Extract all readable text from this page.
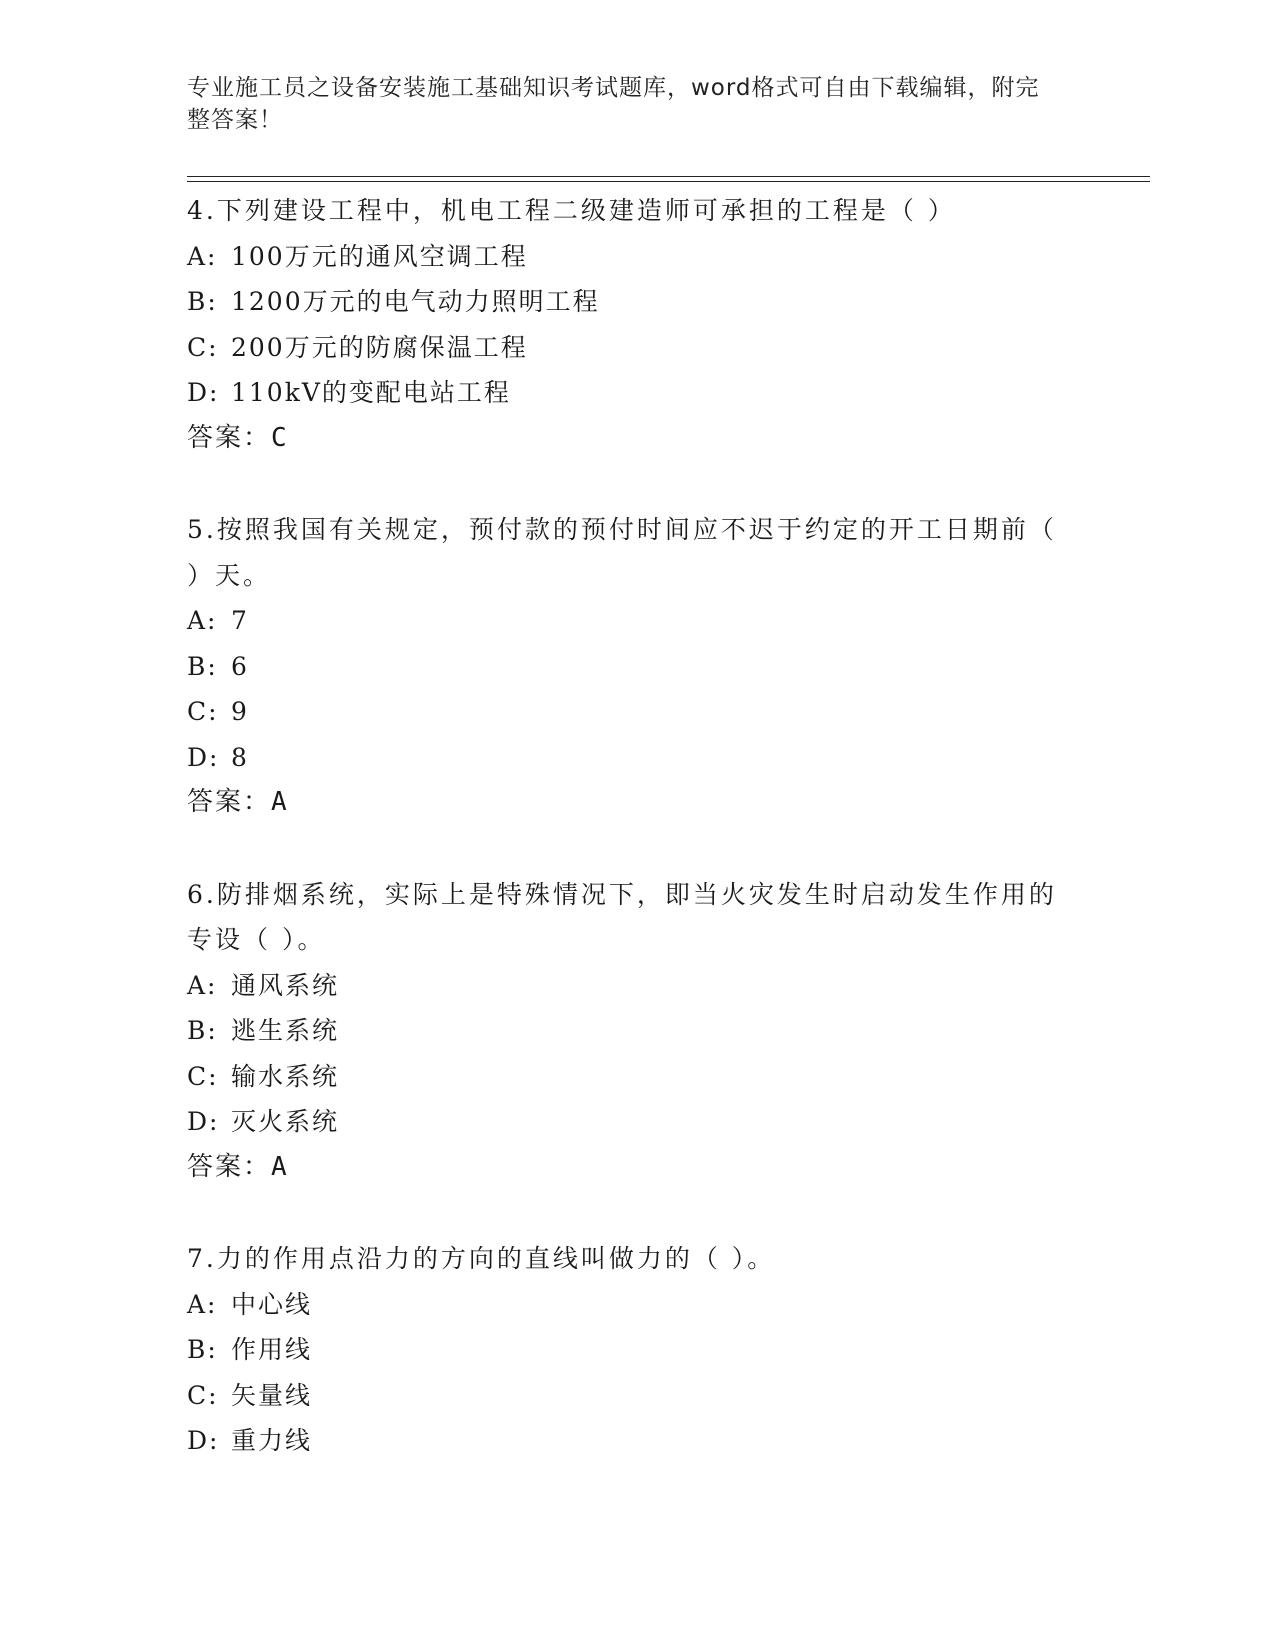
专业施工员之设备安装施工基础知识考试题库，word格式可自由下载编辑，附完
整答案！

4.下列建设工程中，机电工程二级建造师可承担的工程是（ ）

A: 100万元的通风空调工程

B: 1200万元的电气动力照明工程

C: 200万元的防腐保温工程

D: 110kV的变配电站工程

答案：C

5.按照我国有关规定，预付款的预付时间应不迟于约定的开工日期前（ ）天。

A: 7

B: 6

C: 9

D: 8

答案：A

6.防排烟系统，实际上是特殊情况下，即当火灾发生时启动发生作用的专设（ ）。

A: 通风系统

B: 逃生系统

C: 输水系统

D: 灭火系统

答案：A

7.力的作用点沿力的方向的直线叫做力的（ ）。

A: 中心线

B: 作用线

C: 矢量线

D: 重力线
